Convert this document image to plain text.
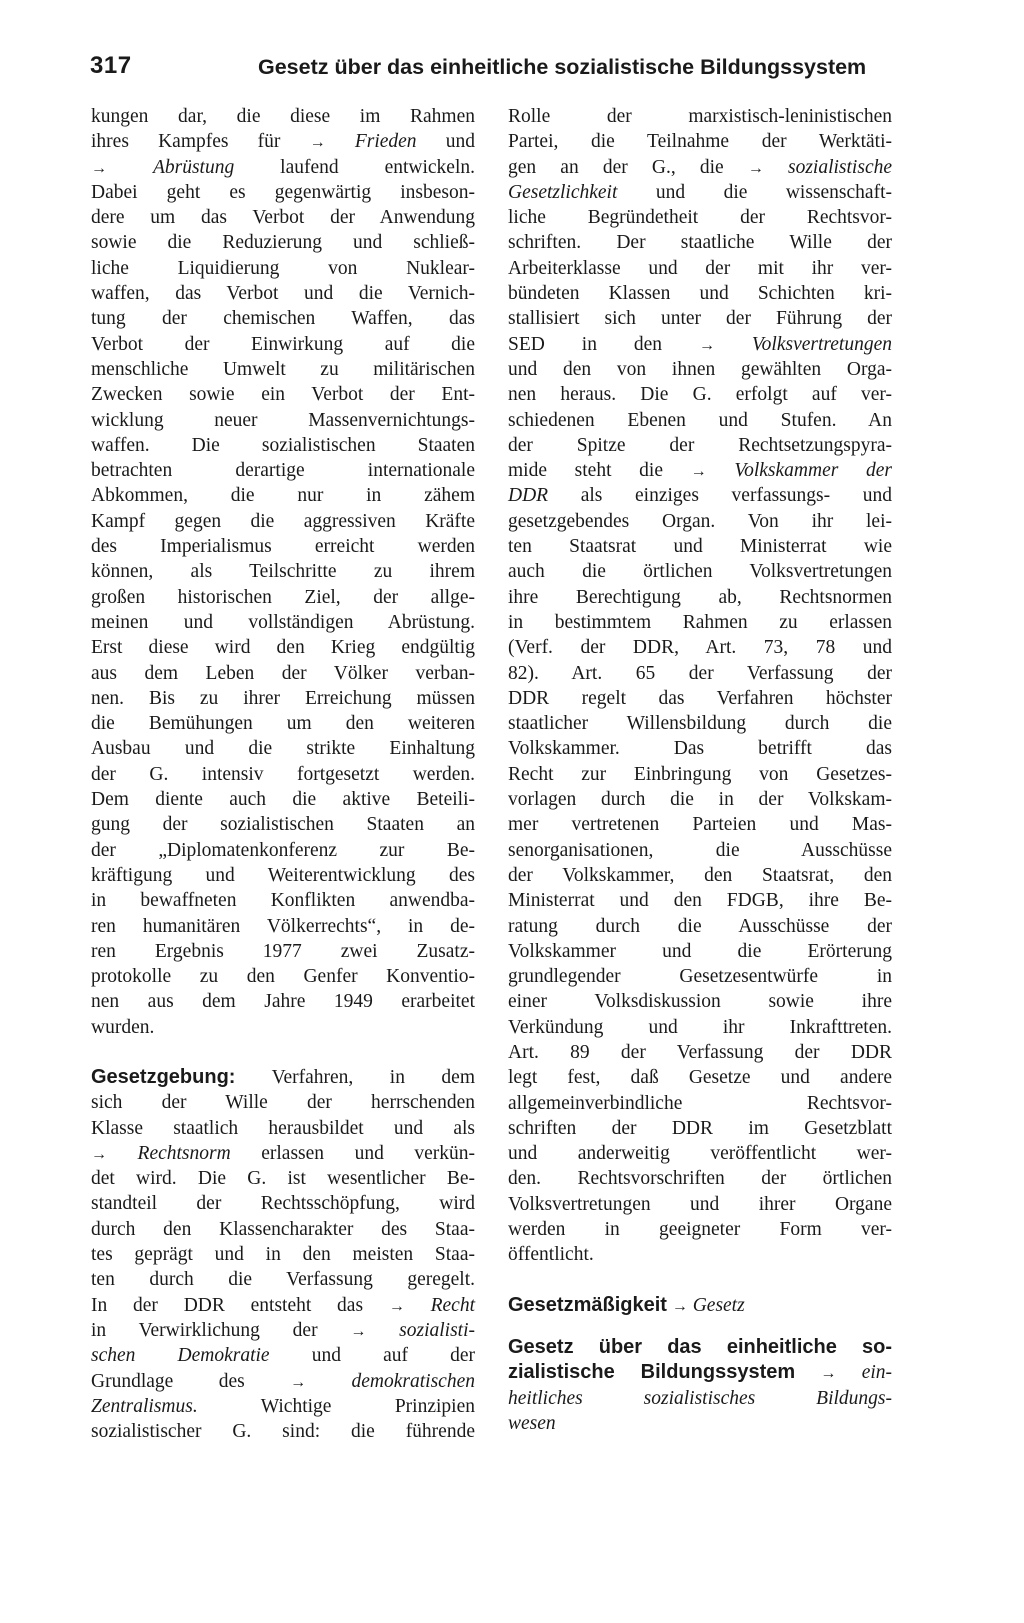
317	Gesetz über das einheitliche sozialistische Bildungssystem
kungen dar, die diese im Rahmen
ihres Kampfes für → Frieden und
→ Abrüstung laufend entwickeln.
Dabei geht es gegenwärtig insbeson-
dere um das Verbot der Anwendung
sowie die Reduzierung und schließ-
liche Liquidierung von Nuklear-
waffen, das Verbot und die Vernich-
tung der chemischen Waffen, das
Verbot der Einwirkung auf die
menschliche Umwelt zu militärischen
Zwecken sowie ein Verbot der Ent-
wicklung neuer Massenvernichtungs-
waffen. Die sozialistischen Staaten
betrachten derartige internationale
Abkommen, die nur in zähem
Kampf gegen die aggressiven Kräfte
des Imperialismus erreicht werden
können, als Teilschritte zu ihrem
großen historischen Ziel, der allge-
meinen und vollständigen Abrüstung.
Erst diese wird den Krieg endgültig
aus dem Leben der Völker verban-
nen. Bis zu ihrer Erreichung müssen
die Bemühungen um den weiteren
Ausbau und die strikte Einhaltung
der G. intensiv fortgesetzt werden.
Dem diente auch die aktive Beteili-
gung der sozialistischen Staaten an
der „Diplomatenkonferenz zur Be-
kräftigung und Weiterentwicklung des
in bewaffneten Konflikten anwendba-
ren humanitären Völkerrechts“, in de-
ren Ergebnis 1977 zwei Zusatz-
protokolle zu den Genfer Konventio-
nen aus dem Jahre 1949 erarbeitet
wurden.
Gesetzgebung: Verfahren, in dem
sich der Wille der herrschenden
Klasse staatlich herausbildet und als
→ Rechtsnorm erlassen und verkün-
det wird. Die G. ist wesentlicher Be-
standteil der Rechtsschöpfung, wird
durch den Klassencharakter des Staa-
tes geprägt und in den meisten Staa-
ten durch die Verfassung geregelt.
In der DDR entsteht das → Recht
in Verwirklichung der → sozialisti-
schen Demokratie und auf der
Grundlage des → demokratischen
Zentralismus. Wichtige Prinzipien
sozialistischer G. sind: die führende
Rolle der marxistisch-leninistischen
Partei, die Teilnahme der Werktäti-
gen an der G., die → sozialistische
Gesetzlichkeit und die wissenschaft-
liche Begründetheit der Rechtsvor-
schriften. Der staatliche Wille der
Arbeiterklasse und der mit ihr ver-
bündeten Klassen und Schichten kri-
stallisiert sich unter der Führung der
SED in den → Volksvertretungen
und den von ihnen gewählten Orga-
nen heraus. Die G. erfolgt auf ver-
schiedenen Ebenen und Stufen. An
der Spitze der Rechtsetzungspyra-
mide steht die → Volkskammer der
DDR als einziges verfassungs- und
gesetzgebendes Organ. Von ihr lei-
ten Staatsrat und Ministerrat wie
auch die örtlichen Volksvertretungen
ihre Berechtigung ab, Rechtsnormen
in bestimmtem Rahmen zu erlassen
(Verf. der DDR, Art. 73, 78 und
82). Art. 65 der Verfassung der
DDR regelt das Verfahren höchster
staatlicher Willensbildung durch die
Volkskammer. Das betrifft das
Recht zur Einbringung von Gesetzes-
vorlagen durch die in der Volkskam-
mer vertretenen Parteien und Mas-
senorganisationen, die Ausschüsse
der Volkskammer, den Staatsrat, den
Ministerrat und den FDGB, ihre Be-
ratung durch die Ausschüsse der
Volkskammer und die Erörterung
grundlegender Gesetzesentwürfe in
einer Volksdiskussion sowie ihre
Verkündung und ihr Inkrafttreten.
Art. 89 der Verfassung der DDR
legt fest, daß Gesetze und andere
allgemeinverbindliche Rechtsvor-
schriften der DDR im Gesetzblatt
und anderweitig veröffentlicht wer-
den. Rechtsvorschriften der örtlichen
Volksvertretungen und ihrer Organe
werden in geeigneter Form ver-
öffentlicht.
Gesetzmäßigkeit → Gesetz
Gesetz über das einheitliche so-
zialistische Bildungssystem → ein-
heitliches sozialistisches Bildungs-
wesen
